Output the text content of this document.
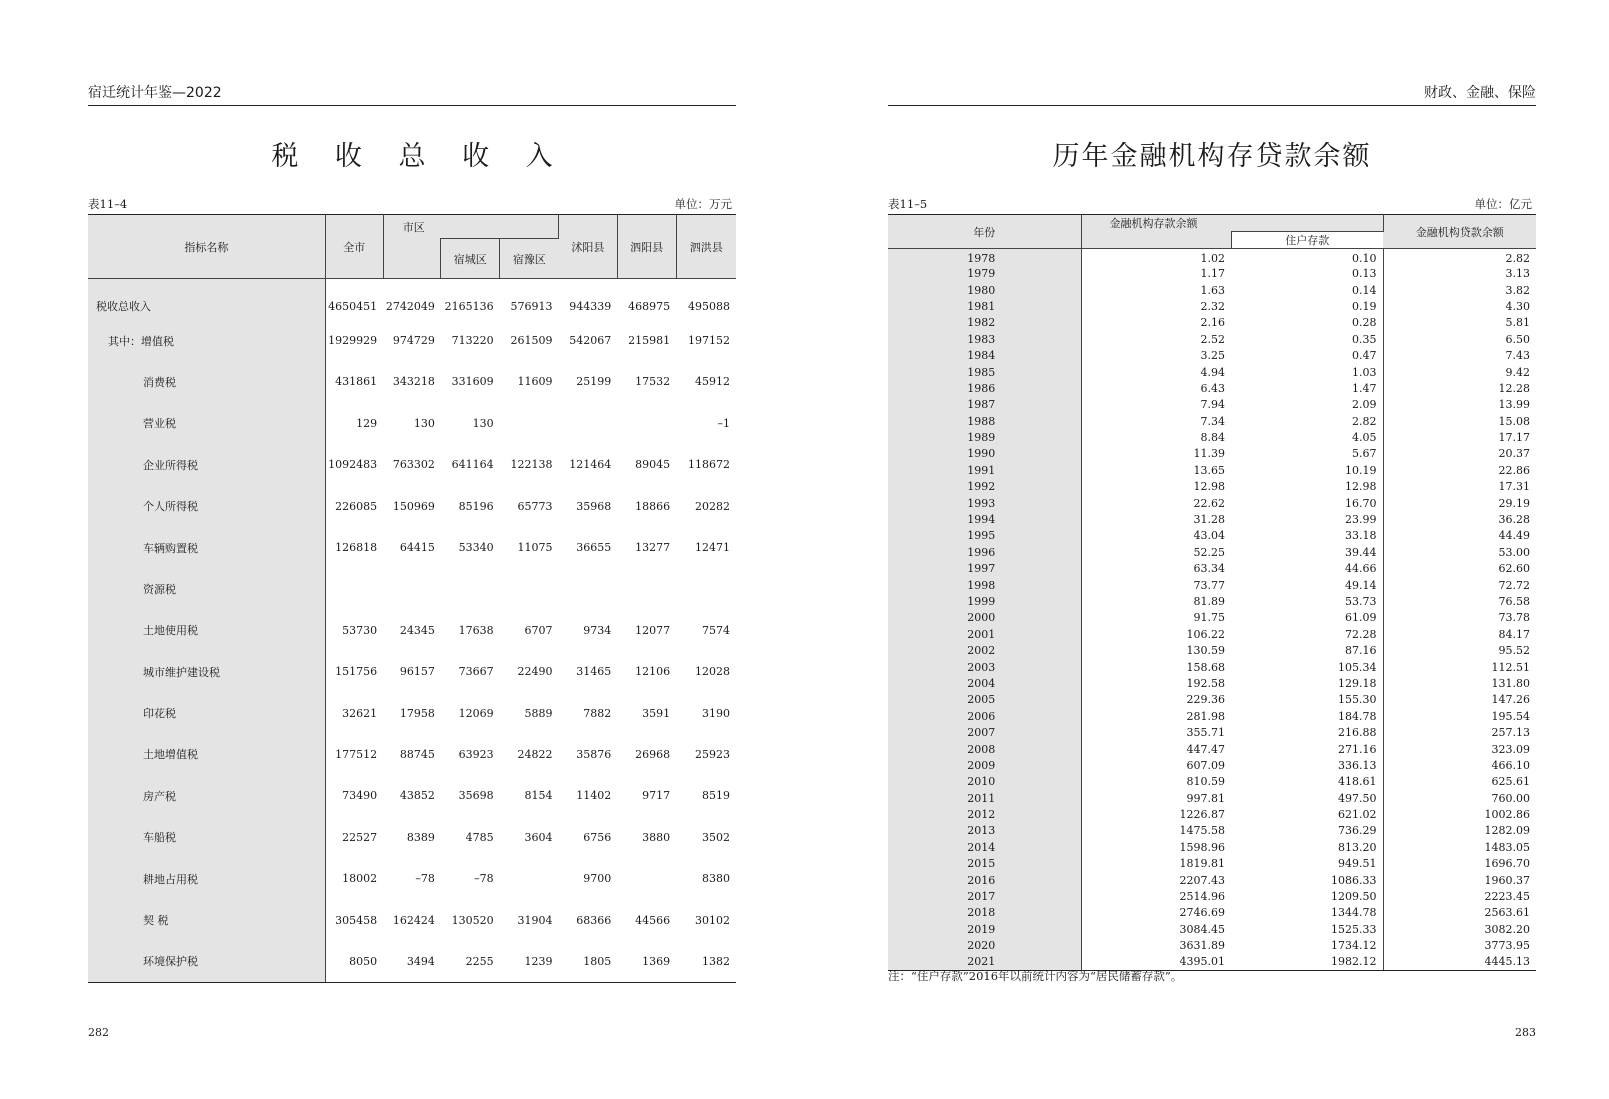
宿迁统计年鉴—2022
税 收 总 收 入
表11–4	单位：万元
指标名称	全市	市区			沭阳县	泗阳县	泗洪县
			宿城区	宿豫区			
税收总收入	4650451	2742049	2165136	576913	944339	468975	495088
其中：增值税	1929929	974729	713220	261509	542067	215981	197152
消费税	431861	343218	331609	11609	25199	17532	45912
营业税	129	130	130				–1
企业所得税	1092483	763302	641164	122138	121464	89045	118672
个人所得税	226085	150969	85196	65773	35968	18866	20282
车辆购置税	126818	64415	53340	11075	36655	13277	12471
资源税							
土地使用税	53730	24345	17638	6707	9734	12077	7574
城市维护建设税	151756	96157	73667	22490	31465	12106	12028
印花税	32621	17958	12069	5889	7882	3591	3190
土地增值税	177512	88745	63923	24822	35876	26968	25923
房产税	73490	43852	35698	8154	11402	9717	8519
车船税	22527	8389	4785	3604	6756	3880	3502
耕地占用税	18002	–78	–78		9700		8380
契 税	305458	162424	130520	31904	68366	44566	30102
环境保护税	8050	3494	2255	1239	1805	1369	1382
282
财政、金融、保险
历年金融机构存贷款余额
表11–5	单位：亿元
年份	金融机构存款余额		金融机构贷款余额
		住户存款	
1978	1.02	0.10	2.82
1979	1.17	0.13	3.13
1980	1.63	0.14	3.82
1981	2.32	0.19	4.30
1982	2.16	0.28	5.81
1983	2.52	0.35	6.50
1984	3.25	0.47	7.43
1985	4.94	1.03	9.42
1986	6.43	1.47	12.28
1987	7.94	2.09	13.99
1988	7.34	2.82	15.08
1989	8.84	4.05	17.17
1990	11.39	5.67	20.37
1991	13.65	10.19	22.86
1992	12.98	12.98	17.31
1993	22.62	16.70	29.19
1994	31.28	23.99	36.28
1995	43.04	33.18	44.49
1996	52.25	39.44	53.00
1997	63.34	44.66	62.60
1998	73.77	49.14	72.72
1999	81.89	53.73	76.58
2000	91.75	61.09	73.78
2001	106.22	72.28	84.17
2002	130.59	87.16	95.52
2003	158.68	105.34	112.51
2004	192.58	129.18	131.80
2005	229.36	155.30	147.26
2006	281.98	184.78	195.54
2007	355.71	216.88	257.13
2008	447.47	271.16	323.09
2009	607.09	336.13	466.10
2010	810.59	418.61	625.61
2011	997.81	497.50	760.00
2012	1226.87	621.02	1002.86
2013	1475.58	736.29	1282.09
2014	1598.96	813.20	1483.05
2015	1819.81	949.51	1696.70
2016	2207.43	1086.33	1960.37
2017	2514.96	1209.50	2223.45
2018	2746.69	1344.78	2563.61
2019	3084.45	1525.33	3082.20
2020	3631.89	1734.12	3773.95
2021	4395.01	1982.12	4445.13
注：“住户存款”2016年以前统计内容为“居民储蓄存款”。
283
